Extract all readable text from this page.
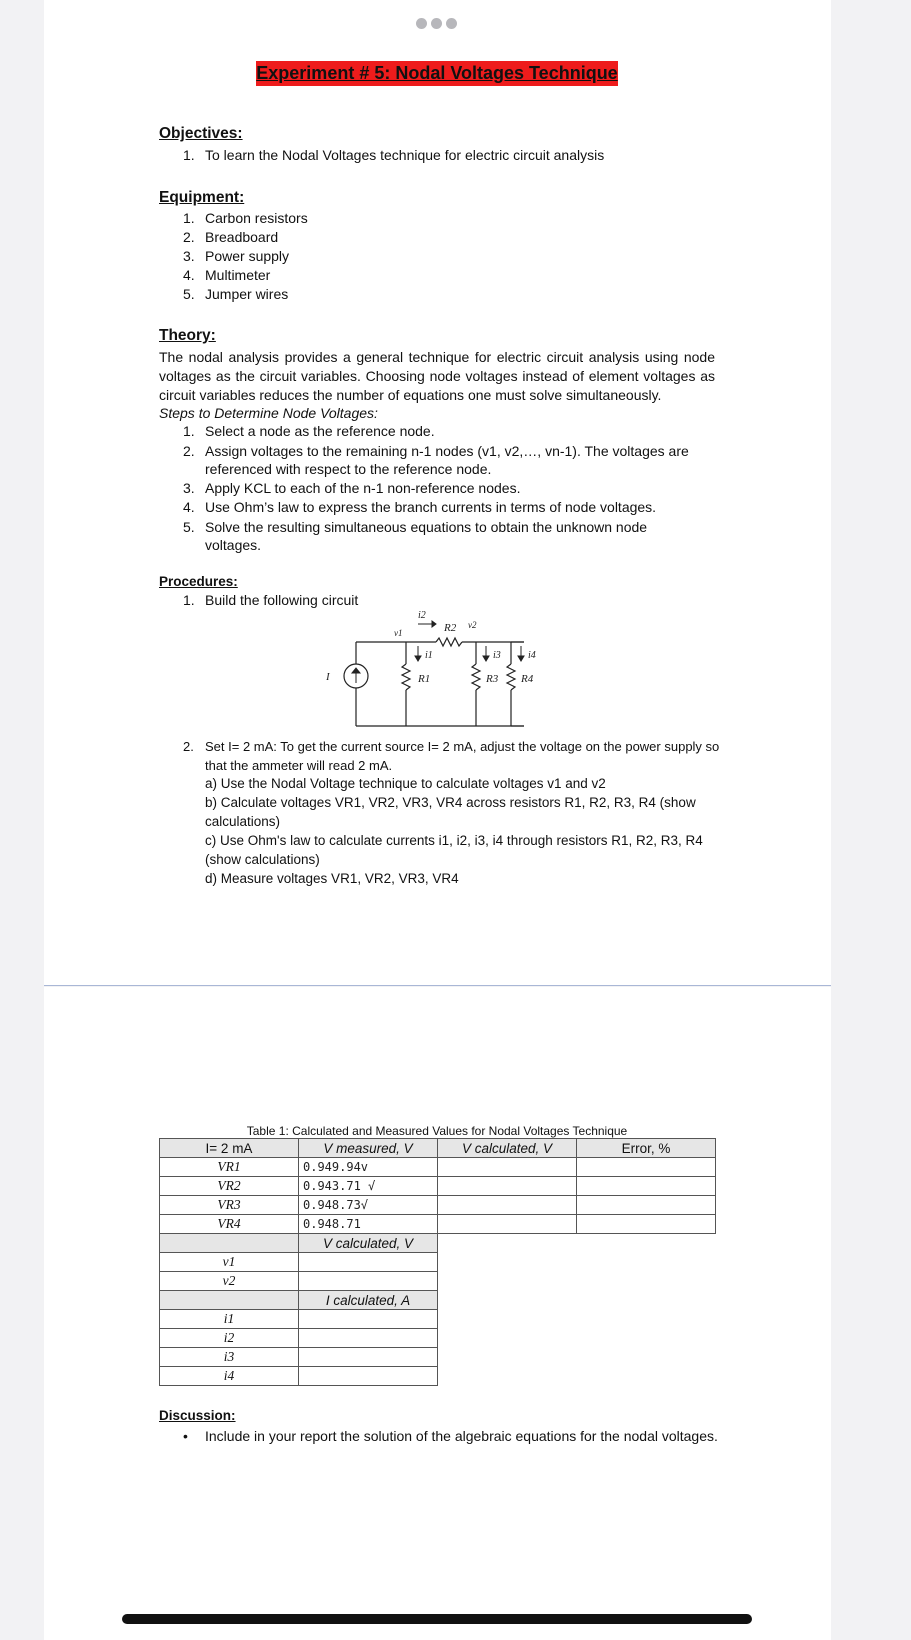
Experiment # 5: Nodal Voltages Technique
Objectives:
1. To learn the Nodal Voltages technique for electric circuit analysis
Equipment:
1. Carbon resistors
2. Breadboard
3. Power supply
4. Multimeter
5. Jumper wires
Theory:
The nodal analysis provides a general technique for electric circuit analysis using node voltages as the circuit variables. Choosing node voltages instead of element voltages as circuit variables reduces the number of equations one must solve simultaneously.
Steps to Determine Node Voltages:
1. Select a node as the reference node.
2. Assign voltages to the remaining n-1 nodes (v1, v2,…, vn-1). The voltages are referenced with respect to the reference node.
3. Apply KCL to each of the n-1 non-reference nodes.
4. Use Ohm’s law to express the branch currents in terms of node voltages.
5. Solve the resulting simultaneous equations to obtain the unknown node voltages.
Procedures:
1. Build the following circuit
I
v1
v2
R1
R2
R3 R4
i1
i2
i3	i4
2. Set I= 2 mA: To get the current source I= 2 mA, adjust the voltage on the power supply so that the ammeter will read 2 mA.
a) Use the Nodal Voltage technique to calculate voltages v1 and v2
b) Calculate voltages VR1, VR2, VR3, VR4 across resistors R1, R2, R3, R4 (show calculations)
c) Use Ohm's law to calculate currents i1, i2, i3, i4 through resistors R1, R2, R3, R4 (show calculations)
d) Measure voltages VR1, VR2, VR3, VR4
Table 1: Calculated and Measured Values for Nodal Voltages Technique
I= 2 mA	V measured, V	V calculated, V	Error, %
VR1	0.949.94v		
VR2	0.943.71 √		
VR3	0.948.73√		
VR4	0.948.71		
	V calculated, V		
v1			
v2			
	I calculated, A		
i1			
i2			
i3			
i4			
Discussion:
• Include in your report the solution of the algebraic equations for the nodal voltages.
